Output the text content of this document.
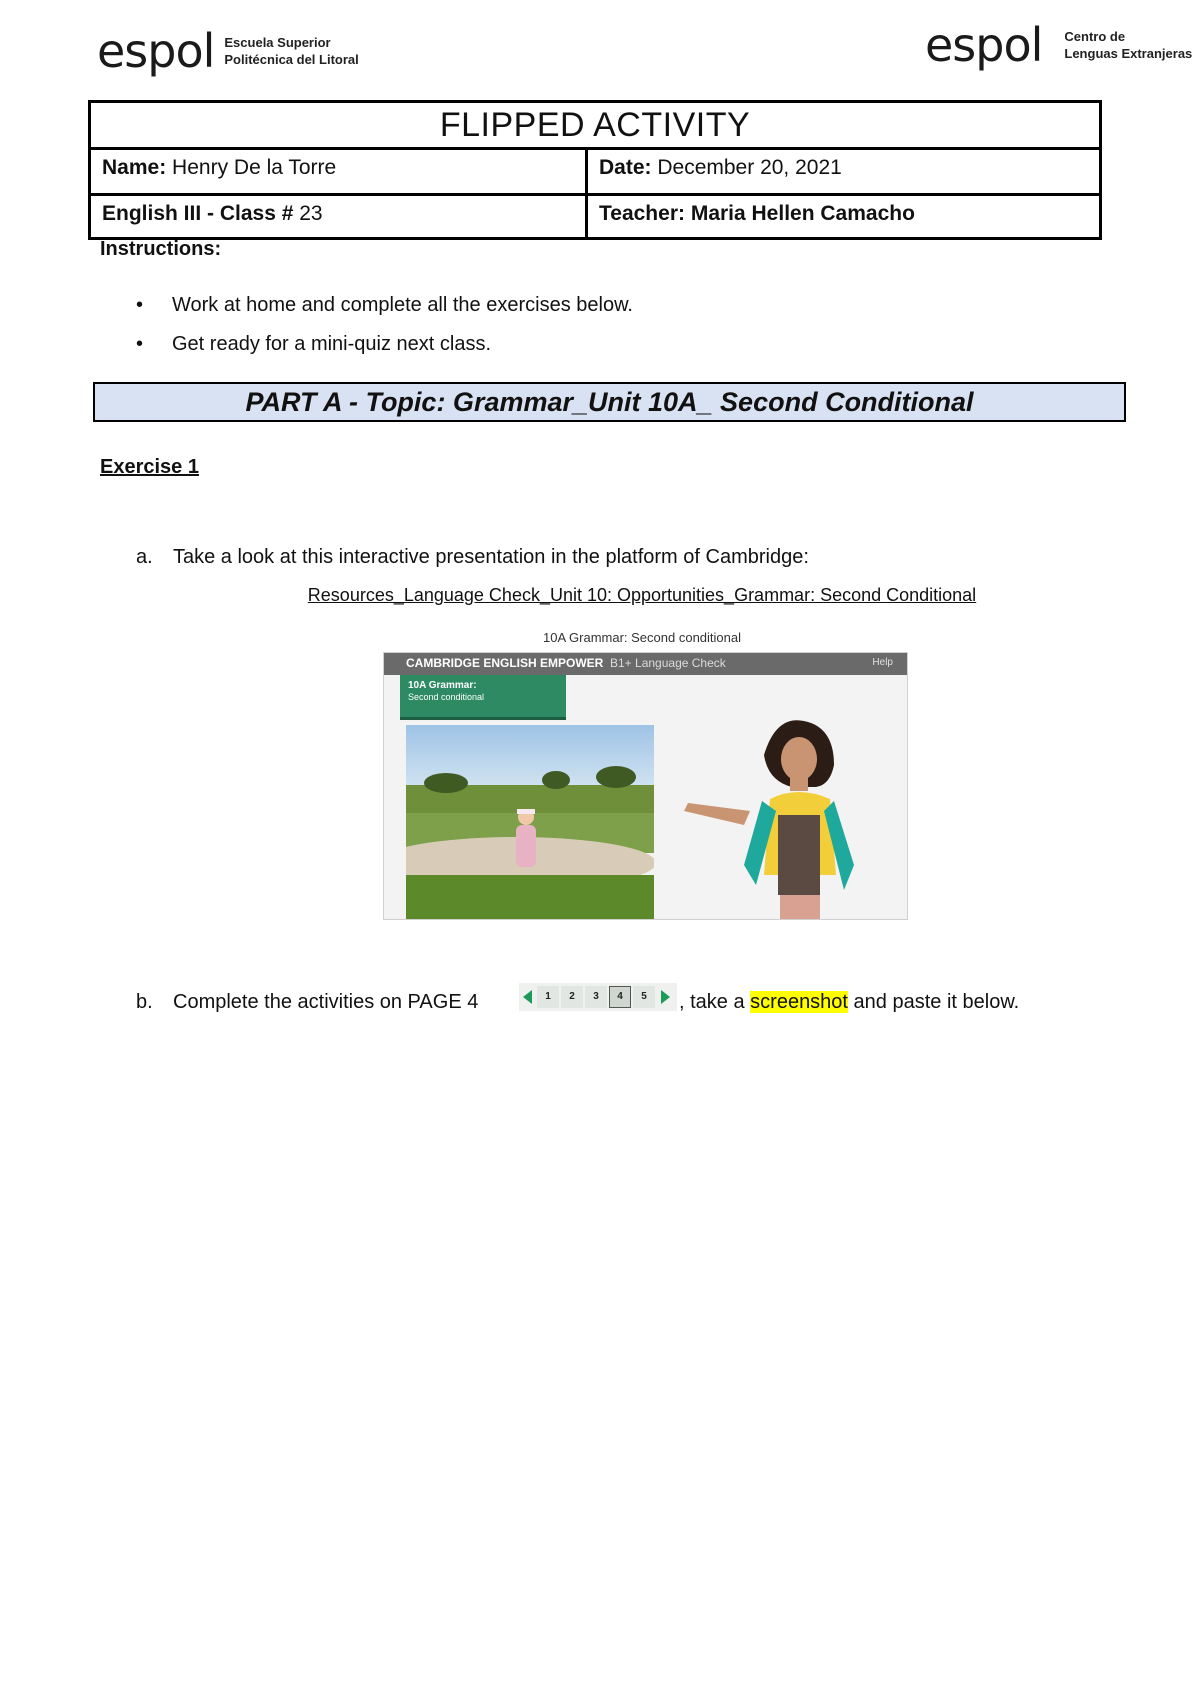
espol Escuela Superior
Politécnica del Litoral	espol Centro de
Lenguas Extranjeras
FLIPPED ACTIVITY
Name: Henry De la Torre	Date: December 20, 2021
English III - Class # 23	Teacher: Maria Hellen Camacho
Instructions:
• Work at home and complete all the exercises below.
• Get ready for a mini-quiz next class.
PART A - Topic: Grammar_Unit 10A_ Second Conditional
Exercise 1
a. Take a look at this interactive presentation in the platform of Cambridge:
Resources_Language Check_Unit 10: Opportunities_Grammar: Second Conditional
10A Grammar: Second conditional
CAMBRIDGE ENGLISH EMPOWER B1+ Language Check	Help
10A Grammar:
Second conditional
b. Complete the activities on PAGE 4	1	2	3	4	5	, take a screenshot and paste it below.
